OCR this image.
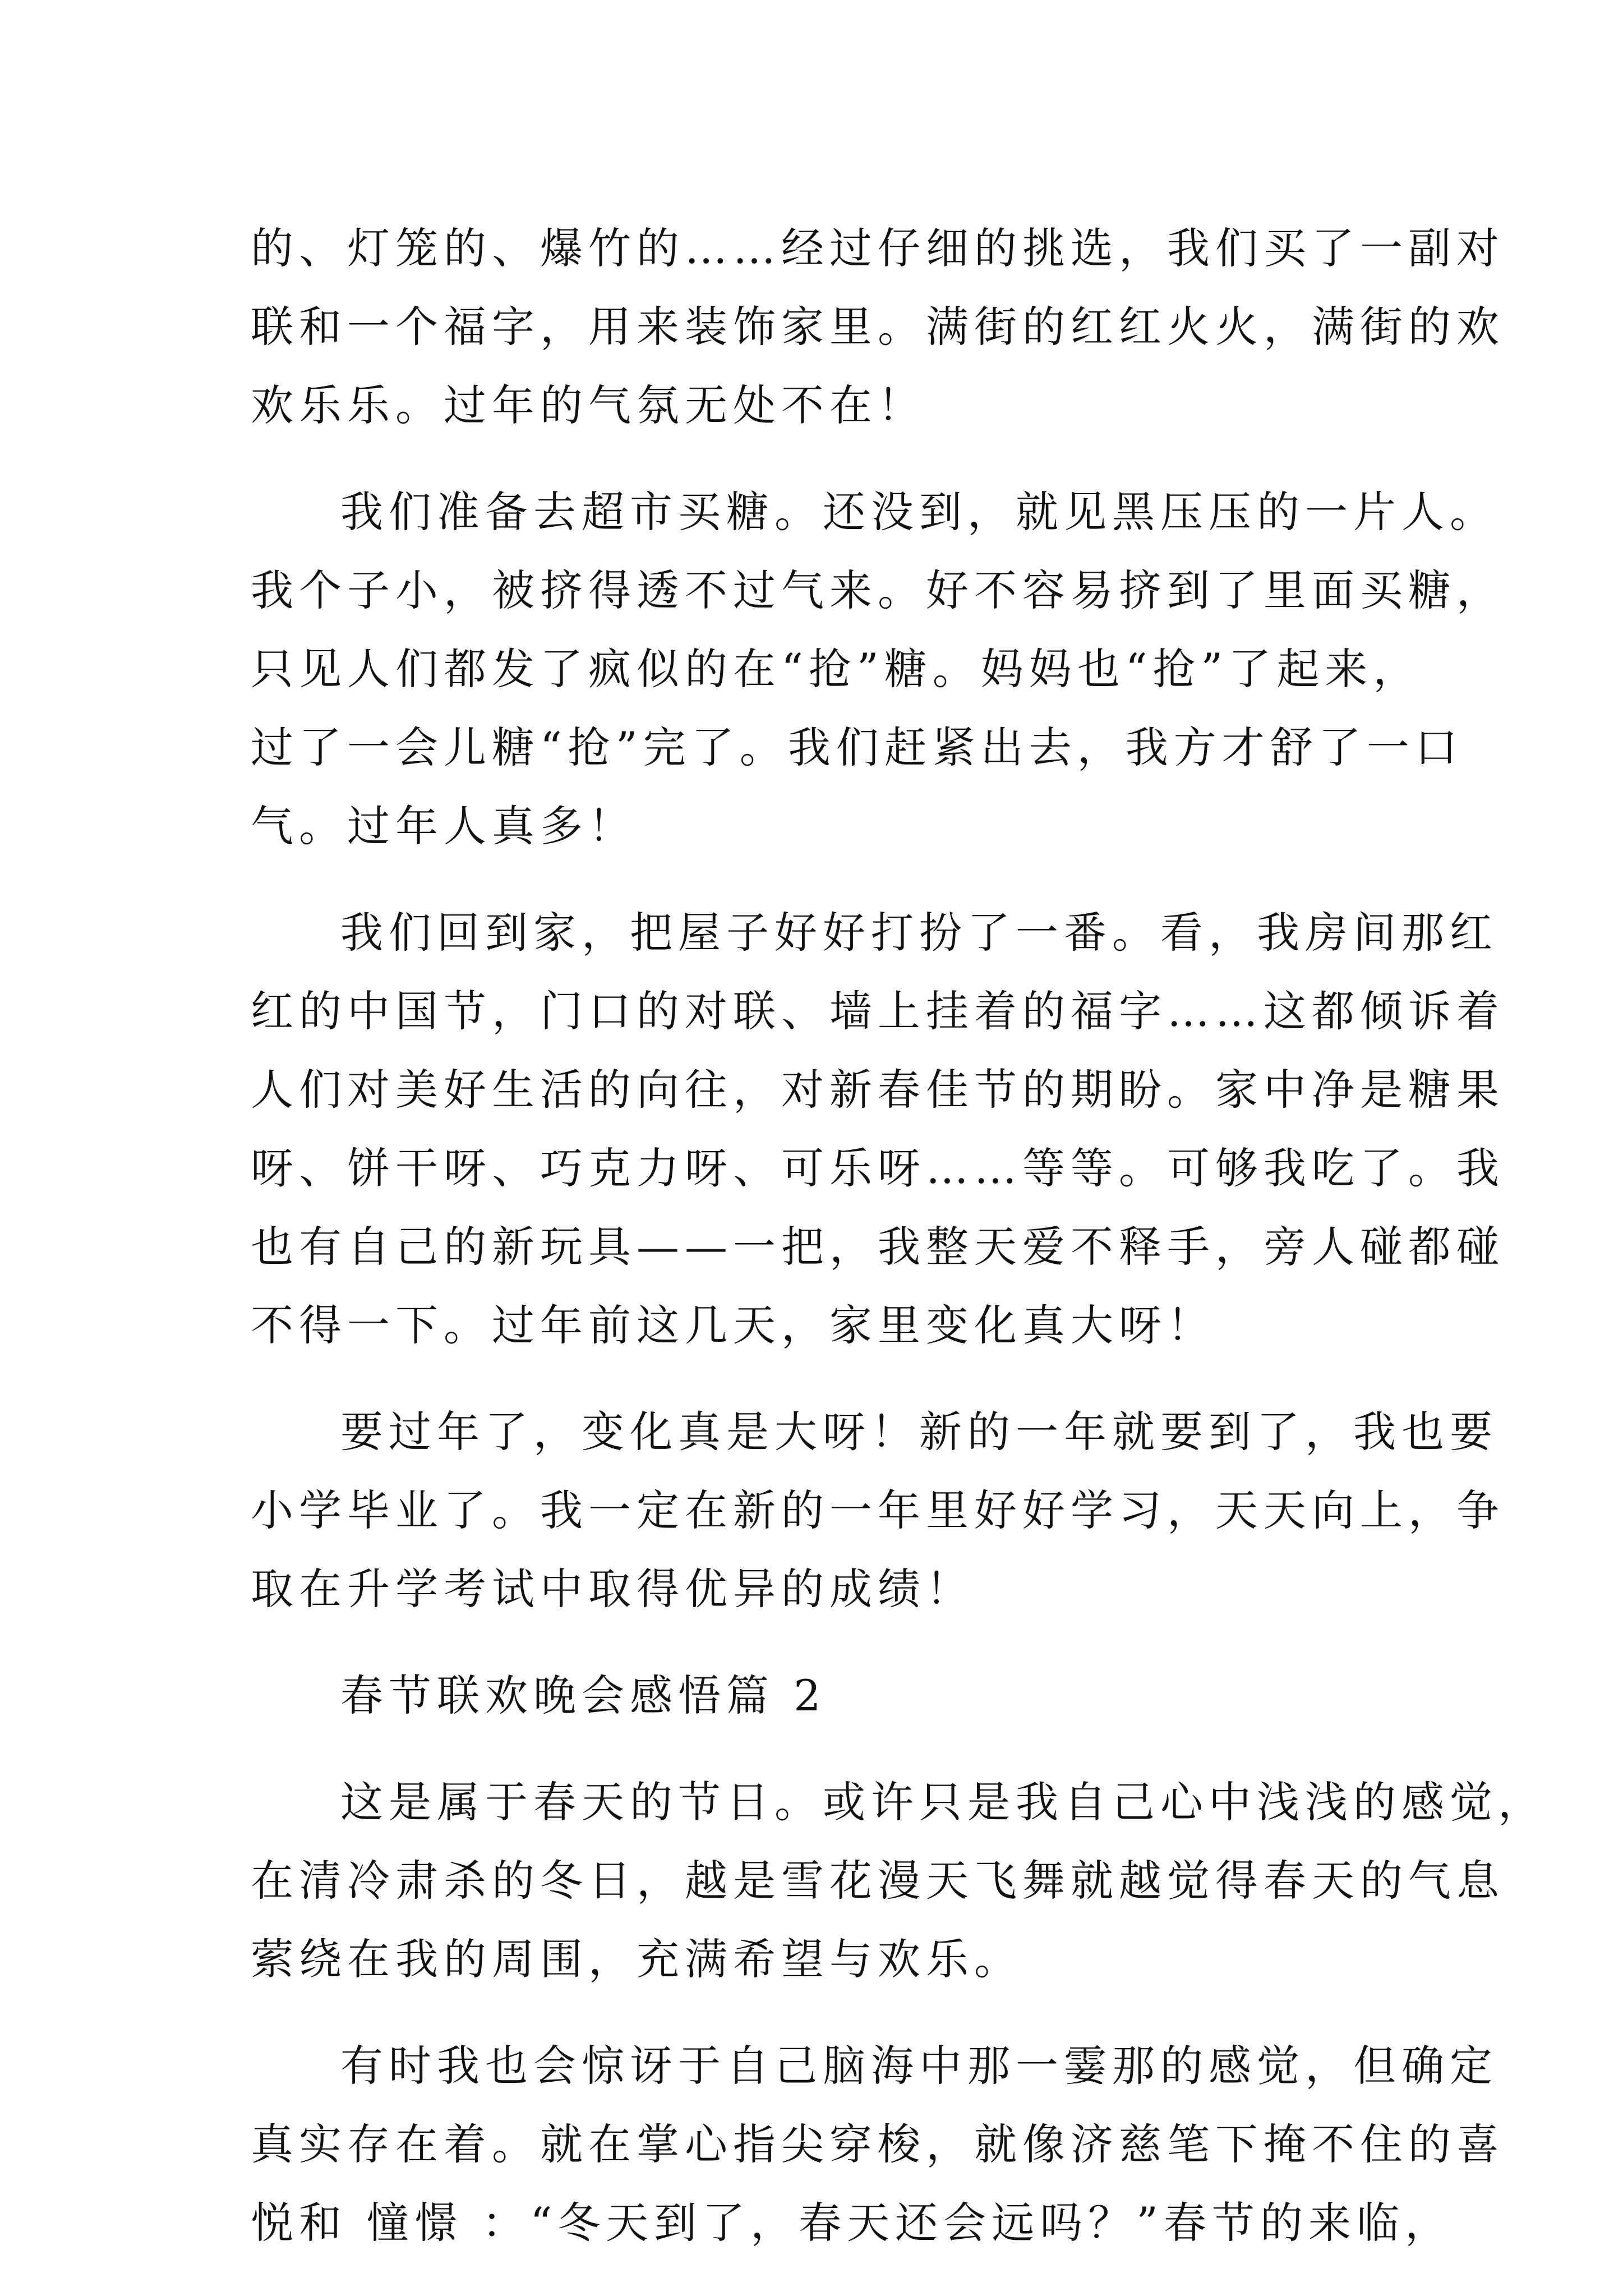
的、灯笼的、爆竹的……经过仔细的挑选，我们买了一副对
联和一个福字，用来装饰家里。满街的红红火火，满街的欢
欢乐乐。过年的气氛无处不在！
我们准备去超市买糖。还没到，就见黑压压的一片人。
我个子小，被挤得透不过气来。好不容易挤到了里面买糖，
只见人们都发了疯似的在“抢”糖。妈妈也“抢”了起来，
过了一会儿糖“抢”完了。我们赶紧出去，我方才舒了一口
气。过年人真多！
我们回到家，把屋子好好打扮了一番。看，我房间那红
红的中国节，门口的对联、墙上挂着的福字……这都倾诉着
人们对美好生活的向往，对新春佳节的期盼。家中净是糖果
呀、饼干呀、巧克力呀、可乐呀……等等。可够我吃了。我
也有自己的新玩具——一把，我整天爱不释手，旁人碰都碰
不得一下。过年前这几天，家里变化真大呀！
要过年了，变化真是大呀！新的一年就要到了，我也要
小学毕业了。我一定在新的一年里好好学习，天天向上，争
取在升学考试中取得优异的成绩！
春节联欢晚会感悟篇 2
这是属于春天的节日。或许只是我自己心中浅浅的感觉，
在清冷肃杀的冬日，越是雪花漫天飞舞就越觉得春天的气息
萦绕在我的周围，充满希望与欢乐。
有时我也会惊讶于自己脑海中那一霎那的感觉，但确定
真实存在着。就在掌心指尖穿梭，就像济慈笔下掩不住的喜
悦和 憧憬 ：“冬天到了，春天还会远吗？”春节的来临，
